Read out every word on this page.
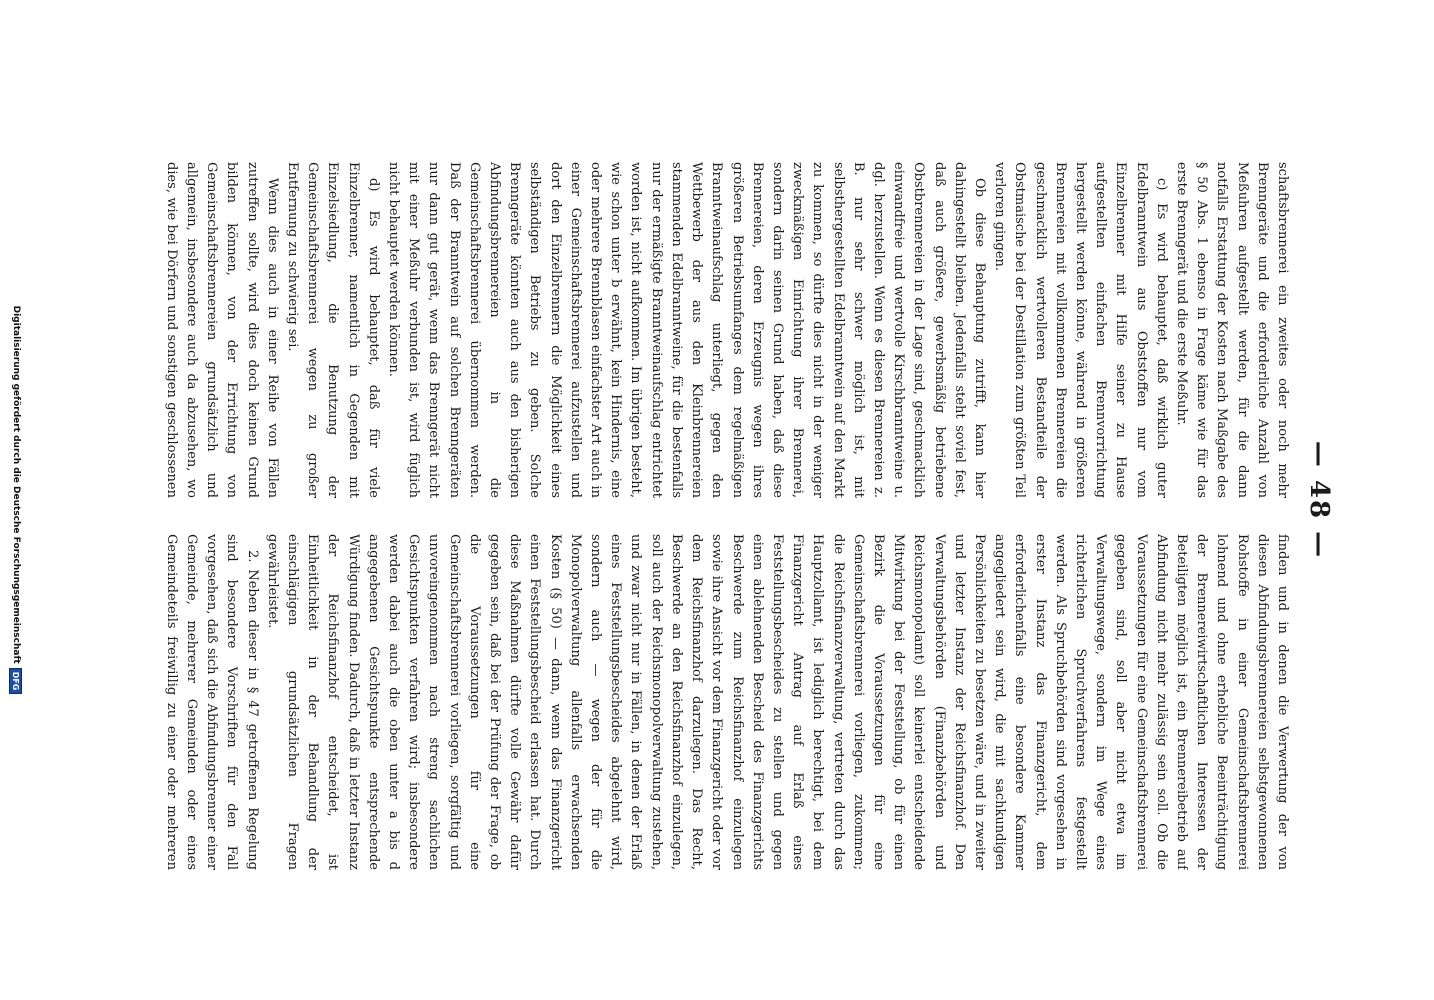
— 48 —

schaftsbrennerei ein zweites oder noch mehr Brenngeräte und die erforderliche Anzahl von Meßuhren aufgestellt werden, für die dann notfalls Erstattung der Kosten nach Maßgabe des § 50 Abs. 1 ebenso in Frage käme wie für das erste Brenngerät und die erste Meßuhr.

c) Es wird behauptet, daß wirklich guter Edelbranntwein aus Obststoffen nur vom Einzelbrenner mit Hilfe seiner zu Hause aufgestellten einfachen Brennvorrichtung hergestellt werden könne, während in größeren Brennereien mit vollkommenen Brennereien die geschmacklich wertvolleren Bestandteile der Obstmaische bei der Destillation zum größten Teil verloren gingen.

Ob diese Behauptung zutrifft, kann hier dahingestellt bleiben. Jedenfalls steht soviel fest, daß auch größere, gewerbsmäßig betriebene Obstbrennereien in der Lage sind, geschmacklich einwandfreie und wertvolle Kirschbranntweine u. dgl. herzustellen. Wenn es diesen Brennereien z. B. nur sehr schwer möglich ist, mit selbsthergestellten Edelbranntwein auf den Markt zu kommen, so dürfte dies nicht in der weniger zweckmäßigen Einrichtung ihrer Brennerei, sondern darin seinen Grund haben, daß diese Brennereien, deren Erzeugnis wegen ihres größeren Betriebsumfanges dem regelmäßigen Branntweinaufschlag unterliegt, gegen den Wettbewerb der aus den Kleinbrennereien stammenden Edelbranntweine, für die bestenfalls nur der ermäßigte Branntweinaufschlag entrichtet worden ist, nicht aufkommen. Im übrigen besteht, wie schon unter b erwähnt, kein Hindernis, eine oder mehrere Brennblasen einfachster Art auch in einer Gemeinschaftsbrennerei aufzustellen und dort den Einzelbrennern die Möglichkeit eines selbständigen Betriebs zu geben. Solche Brenngeräte könnten auch aus den bisherigen Abfindungsbrennereien in die Gemeinschaftsbrennerei übernommen werden. Daß der Branntwein auf solchen Brenngeräten nur dann gut gerät, wenn das Brenngerät nicht mit einer Meßuhr verbunden ist, wird füglich nicht behauptet werden können.

d) Es wird behauptet, daß für viele Einzelbrenner, namentlich in Gegenden mit Einzelsiedlung, die Benutzung der Gemeinschaftsbrennerei wegen zu großer Entfernung zu schwierig sei.

Wenn dies auch in einer Reihe von Fällen zutreffen sollte, wird dies doch keinen Grund bilden können, von der Errichtung von Gemeinschaftsbrennereien grundsätzlich und allgemein, insbesondere auch da abzusehen, wo dies, wie bei Dörfern und sonstigen geschlossenen

finden und in denen die Verwertung der von diesen Abfindungsbrennereien selbstgewonnenen Rohstoffe in einer Gemeinschaftsbrennerei lohnend und ohne erhebliche Beeinträchtigung der Brennereiwirtschaftlichen Interessen der Beteiligten möglich ist, ein Brennereibetrieb auf Abfindung nicht mehr zulässig sein soll. Ob die Voraussetzungen für eine Gemeinschaftsbrennerei gegeben sind, soll aber nicht etwa im Verwaltungswege, sondern im Wege eines richterlichen Spruchverfahrens festgestellt werden. Als Spruchbehörden sind vorgesehen in erster Instanz das Finanzgericht, dem erforderlichenfalls eine besondere Kammer angegliedert sein wird, die mit sachkundigen Persönlichkeiten zu besetzen wäre, und in zweiter und letzter Instanz der Reichsfinanzhof. Den Verwaltungsbehörden (Finanzbehörden und Reichsmonopolamt) soll keinerlei entscheidende Mitwirkung bei der Feststellung, ob für einen Bezirk die Voraussetzungen für eine Gemeinschaftsbrennerei vorliegen, zukommen; die Reichsfinanzverwaltung, vertreten durch das Hauptzollamt, ist lediglich berechtigt, bei dem Finanzgericht Antrag auf Erlaß eines Feststellungsbescheides zu stellen und gegen einen ablehnenden Bescheid des Finanzgerichts Beschwerde zum Reichsfinanzhof einzulegen sowie ihre Ansicht vor dem Finanzgericht oder vor dem Reichsfinanzhof darzulegen. Das Recht, Beschwerde an den Reichsfinanzhof einzulegen, soll auch der Reichsmonopolverwaltung zustehen, und zwar nicht nur in Fällen, in denen der Erlaß eines Feststellungsbescheides abgelehnt wird, sondern auch — wegen der für die Monopolverwaltung allenfalls erwachsenden Kosten (§ 50) — dann, wenn das Finanzgericht einen Feststellungsbescheid erlassen hat. Durch diese Maßnahmen dürfte volle Gewähr dafür gegeben sein, daß bei der Prüfung der Frage, ob die Voraussetzungen für eine Gemeinschaftsbrennerei vorliegen, sorgfältig und unvoreingenommen nach streng sachlichen Gesichtspunkten verfahren wird; insbesondere werden dabei auch die oben unter a bis d angegebenen Gesichtspunkte entsprechende Würdigung finden. Dadurch, daß in letzter Instanz der Reichsfinanzhof entscheidet, ist Einheitlichkeit in der Behandlung der einschlägigen grundsätzlichen Fragen gewährleistet.

2. Neben dieser in § 47 getroffenen Regelung sind besondere Vorschriften für den Fall vorgesehen, daß sich die Abfindungsbrenner einer Gemeinde, mehrerer Gemeinden oder eines Gemeindeteils freiwillig zu einer oder mehreren

Digitalisierung gefördert durch die Deutsche Forschungsgemeinschaft
DFG
